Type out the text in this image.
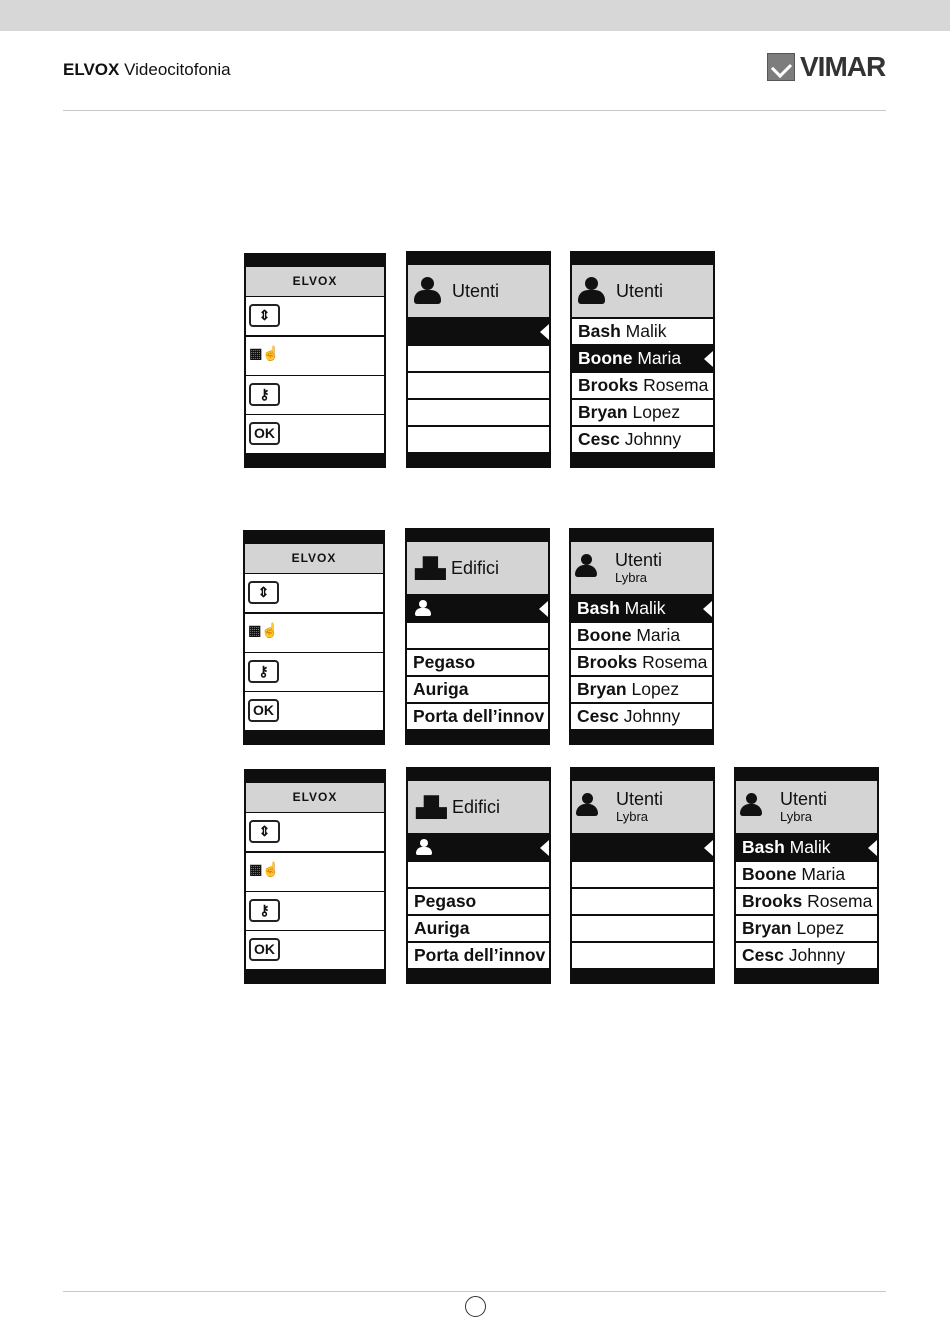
ELVOX Videocitofonia	VIMAR
ELVOX
⇕
▦☝
⚷
OK
Utenti	Utenti
Bash Malik
Boone Maria
Brooks Rosema
Bryan Lopez
Cesc Johnny
ELVOX
⇕
▦☝
⚷
OK
▟▙ Edifici
Pegaso
Auriga
Porta dell’innov
Utenti
Lybra
Bash Malik
Boone Maria
Brooks Rosema
Bryan Lopez
Cesc Johnny
ELVOX
⇕
▦☝
⚷
OK
▟▙ Edifici
Pegaso
Auriga
Porta dell’innov
Utenti
Lybra
Utenti
Lybra
Bash Malik
Boone Maria
Brooks Rosema
Bryan Lopez
Cesc Johnny
